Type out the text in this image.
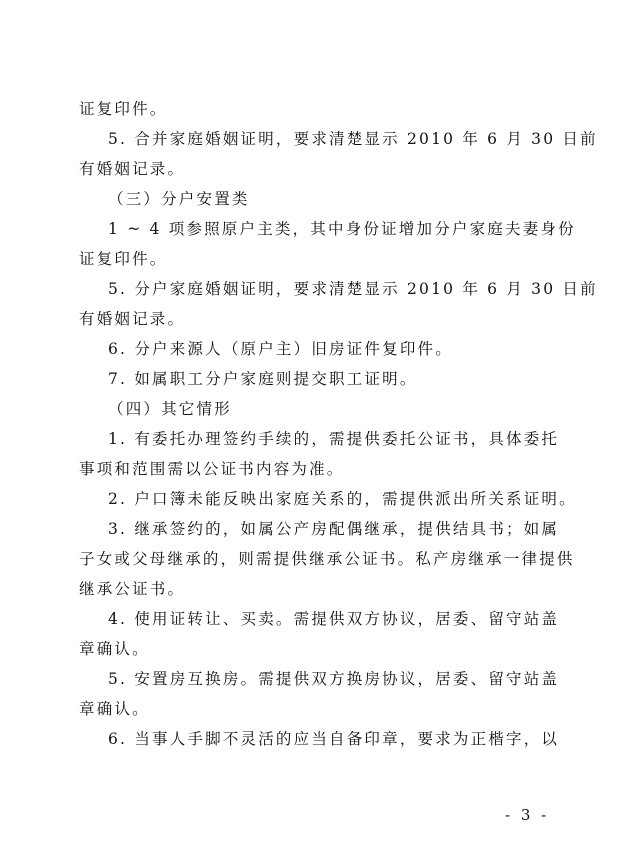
证复印件。
5. 合并家庭婚姻证明，要求清楚显示 2010 年 6 月 30 日前
有婚姻记录。
（三）分户安置类
1 ~ 4 项参照原户主类，其中身份证增加分户家庭夫妻身份
证复印件。
5. 分户家庭婚姻证明，要求清楚显示 2010 年 6 月 30 日前
有婚姻记录。
6. 分户来源人（原户主）旧房证件复印件。
7. 如属职工分户家庭则提交职工证明。
（四）其它情形
1. 有委托办理签约手续的，需提供委托公证书，具体委托
事项和范围需以公证书内容为准。
2. 户口簿未能反映出家庭关系的，需提供派出所关系证明。
3. 继承签约的，如属公产房配偶继承，提供结具书；如属
子女或父母继承的，则需提供继承公证书。私产房继承一律提供
继承公证书。
4. 使用证转让、买卖。需提供双方协议，居委、留守站盖
章确认。
5. 安置房互换房。需提供双方换房协议，居委、留守站盖
章确认。
6. 当事人手脚不灵活的应当自备印章，要求为正楷字，以
- 3 -
